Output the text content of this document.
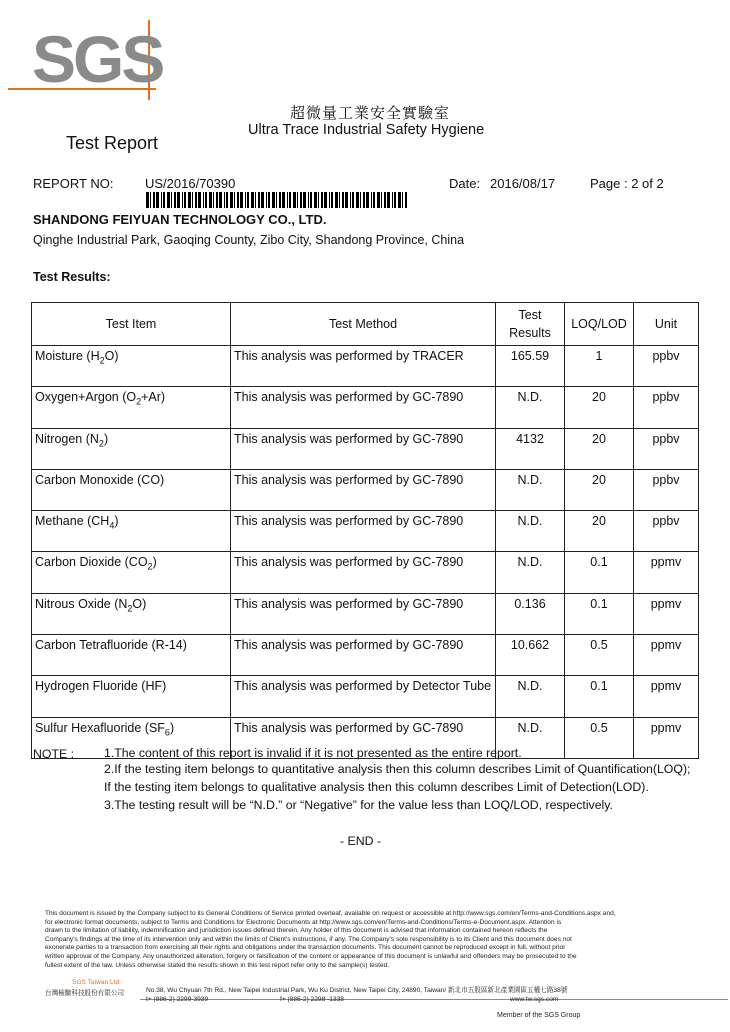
SGS
超微量工業安全實驗室
Ultra Trace Industrial Safety Hygiene
Test Report
REPORT NO: US/2016/70390	Date: 2016/08/17	Page : 2 of 2
SHANDONG FEIYUAN TECHNOLOGY CO., LTD.
Qinghe Industrial Park, Gaoqing County, Zibo City, Shandong Province, China
Test Results:
Test Item	Test Method	Test
Results	LOQ/LOD	Unit
Moisture $(H_2O)$	This analysis was performed by TRACER	165.59	1	ppbv
Oxygen+Argon $(O_2+Ar)$	This analysis was performed by GC-7890	N.D.	20	ppbv
Nitrogen $(N_2)$	This analysis was performed by GC-7890	4132	20	ppbv
Carbon Monoxide (CO)	This analysis was performed by GC-7890	N.D.	20	ppbv
Methane $(CH_4)$	This analysis was performed by GC-7890	N.D.	20	ppbv
Carbon Dioxide $(CO_2)$	This analysis was performed by GC-7890	N.D.	0.1	ppmv
Nitrous Oxide $(N_2O)$	This analysis was performed by GC-7890	0.136	0.1	ppmv
Carbon Tetrafluoride (R-14)	This analysis was performed by GC-7890	10.662	0.5	ppmv
Hydrogen Fluoride (HF)	This analysis was performed by Detector Tube	N.D.	0.1	ppmv
Sulfur Hexafluoride $(SF_6)$	This analysis was performed by GC-7890	N.D.	0.5	ppmv
NOTE : 1.The content of this report is invalid if it is not presented as the entire report.
2.If the testing item belongs to quantitative analysis then this column describes Limit of Quantification(LOQ);
If the testing item belongs to qualitative analysis then this column describes Limit of Detection(LOD).
3.The testing result will be “N.D.” or “Negative” for the value less than LOQ/LOD, respectively.
- END -
This document is issued by the Company subject to its General Conditions of Service printed overleaf, available on request or accessible at http://www.sgs.com/en/Terms-and-Conditions.aspx and,
for electronic format documents, subject to Terms and Conditions for Electronic Documents at http://www.sgs.com/en/Terms-and-Conditions/Terms-e-Document.aspx. Attention is
drawn to the limitation of liability, indemnification and jurisdiction issues defined therein. Any holder of this document is advised that information contained hereon reflects the
Company's findings at the time of its intervention only and within the limits of Client's instructions, if any. The Company's sole responsibility is to its Client and this document does not
exonerate parties to a transaction from exercising all their rights and obligations under the transaction documents. This document cannot be reproduced except in full, without prior
written approval of the Company. Any unauthorized alteration, forgery or falsification of the content or appearance of this document is unlawful and offenders may be prosecuted to the
fullest extent of the law. Unless otherwise stated the results shown in this test report refer only to the sample(s) tested.
SGS Taiwan Ltd.
台灣檢驗科技股份有限公司	No.38, Wu Chyuan 7th Rd., New Taipei Industrial Park, Wu Ku District, New Taipei City, 24890, Taiwan/ 新北市五股區新北產業園區五權七路38號
t+ (886-2) 2299-3939	f+ (886-2) 2298 -1338	www.tw.sgs.com
Member of the SGS Group
